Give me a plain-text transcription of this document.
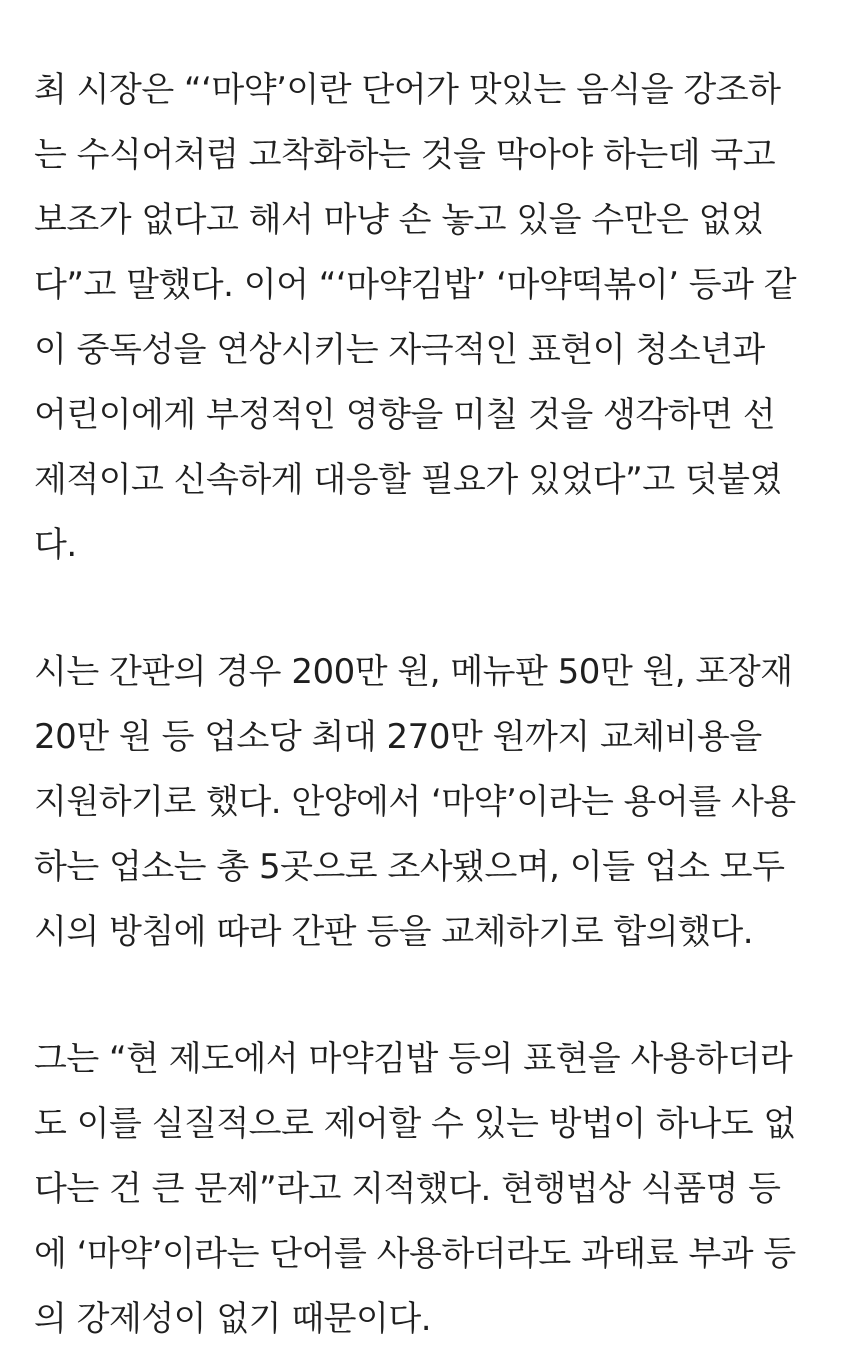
최 시장은 “‘마약’이란 단어가 맛있는 음식을 강조하
는 수식어처럼 고착화하는 것을 막아야 하는데 국고
보조가 없다고 해서 마냥 손 놓고 있을 수만은 없었
다”고 말했다. 이어 “‘마약김밥’ ‘마약떡볶이’ 등과 같
이 중독성을 연상시키는 자극적인 표현이 청소년과
어린이에게 부정적인 영향을 미칠 것을 생각하면 선
제적이고 신속하게 대응할 필요가 있었다”고 덧붙였
다.
시는 간판의 경우 200만 원, 메뉴판 50만 원, 포장재
20만 원 등 업소당 최대 270만 원까지 교체비용을
지원하기로 했다. 안양에서 ‘마약’이라는 용어를 사용
하는 업소는 총 5곳으로 조사됐으며, 이들 업소 모두
시의 방침에 따라 간판 등을 교체하기로 합의했다.
그는 “현 제도에서 마약김밥 등의 표현을 사용하더라
도 이를 실질적으로 제어할 수 있는 방법이 하나도 없
다는 건 큰 문제”라고 지적했다. 현행법상 식품명 등
에 ‘마약’이라는 단어를 사용하더라도 과태료 부과 등
의 강제성이 없기 때문이다.
